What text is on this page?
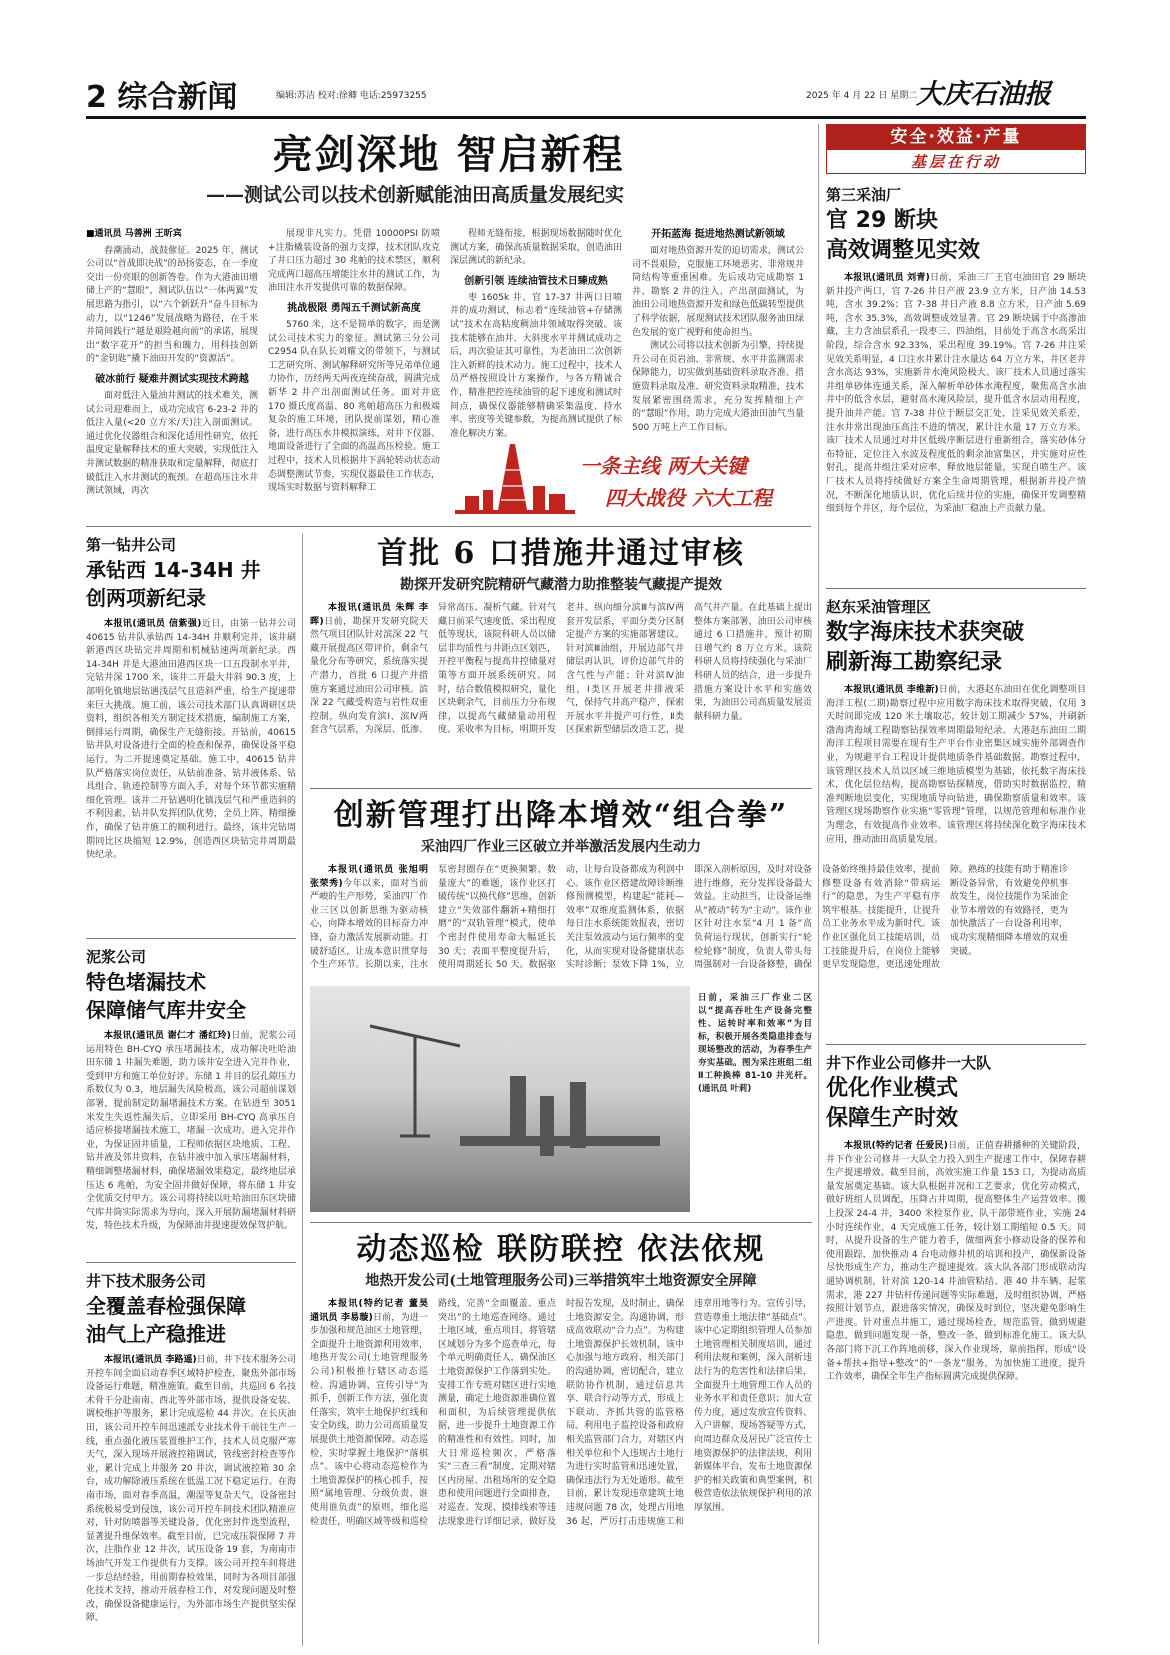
2 综合新闻	编辑:苏洁 校对:徐卿 电话:25973255	2025 年 4 月 22 日 星期二
大庆石油报
安全·效益·产量
基层在行动
亮剑深地 智启新程
——测试公司以技术创新赋能油田高质量发展纪实
■通讯员 马善洲 王昕宾

春潮涌动，战鼓催征。2025 年，测试公司以“首战即决战”的昂扬姿态，在一季度交出一份亮眼的创新答卷。作为大港油田增储上产的“慧眼”，测试队伍以“一体两翼”发展思路为指引，以“六个新跃升”奋斗目标为动力，以“1246”发展战略为路径，在千米井筒间践行“越是艰险越向前”的承诺，展现出“数字花开”的担当和魄力，用科技创新的“金钥匙”撬下油田开发的“资源活”。

破冰前行 疑难井测试实现技术跨越

面对低注入量油井测试的技术难关，测试公司迎难而上，成功完成官 6-23-2 井的低注入量(<20 立方米/天)注入剖面测试。通过优化仪器组合和深化适用性研究，依托温度定量解释技术的重大突破，实现低注入井测试数据的精准获取和定量解释，彻底打破低注入水井测试的瓶颈。在超高压注水井测试领域，再次

展现非凡实力。凭借 10000PSI 防喷+注脂橇装设备的强力支撑，技术团队攻克了井口压力超过 30 兆帕的技术禁区，顺利完成两口超高压增能注水井的测试工作，为油田注水开发提供可靠的数据保障。

挑战极限 勇闯五千测试新高度

5760 米，这不是简单的数字，而是测试公司技术实力的象征。测试第三分公司 C2954 队在队长刘耀文的带领下，与测试工艺研究所、测试解释研究所等兄弟单位通力协作，历经两天两夜连续奋战，圆满完成新华 2 井产出剖面测试任务。面对井底 170 摄氏度高温、80 兆帕超高压力和极端复杂的施工环境，团队提前谋划，精心准备，进行高压水井模拟演练，对井下仪器、地面设备进行了全面的高温高压检验。施工过程中，技术人员根据井下涡轮转动状态动态调整测试节奏，实现仪器最佳工作状态，现场实时数据与资料解释工

程师无缝衔接，根据现场数据随时优化测试方案，确保高质量数据采取，创造油田深层测试的新纪录。

创新引领 连续油管技术日臻成熟

枣 1605k 井、官 17-37 井两口日喷井的成功测试，标志着“连续油管+存储测试”技术在高粘度稠油井领域取得突破。该技术能够在油井、大斜度水平井测试成功之后，再次验证其可靠性，为老油田二次创新注入新鲜的技术动力。施工过程中，技术人员严格按照设计方案操作，与各方精诚合作，精准把控连续油管的起下速度和测试时间点，确保仪器能够精确采集温度、持水率、密度等关键参数，为提高测试提供了标准化解决方案。

开拓蓝海 挺进地热测试新领域

面对地热资源开发的迫切需求，测试公司不畏艰险，克服施工环境恶劣、非常规井筒结构等重重困难。先后成功完成勘察 1 井、勘察 2 井的注入、产出剖面测试，为油田公司地热资源开发和绿色低碳转型提供了科学依据，展现测试技术团队服务油田绿色发展的宽广视野和使命担当。

测试公司将以技术创新为引擎，持续提升公司在页岩油、非常规、水平井监测需求保障能力，切实做到基础资料录取齐准、措施资料录取及准、研究资料录取精准，技术发展紧密围绕需求，充分发挥精细上产的“慧眼”作用，助力完成大港油田油气当量 500 万吨上产工作目标。

一条主线 两大关键
四大战役 六大工程
第三采油厂
官 29 断块
高效调整见实效

本报讯(通讯员 刘青)日前，采油三厂王官屯油田官 29 断块新井投产两口，官 7-26 井日产液 23.9 立方米，日产油 14.53 吨，含水 39.2%；官 7-38 井日产液 8.8 立方米，日产油 5.69 吨，含水 35.3%，高效调整成效显著。官 29 断块属于中高渗油藏，主力含油层系孔一段枣三、四油组，目前处于高含水高采出阶段，综合含水 92.33%，采出程度 39.19%。官 7-26 井注采见效关系明显，4 口注水井累计注水量达 64 万立方米，井区老井含水高达 93%，实施新井水淹风险极大。该厂技术人员通过落实井组单砂体连通关系，深入解析单砂体水淹程度，聚焦高含水油井中的低含水层，避射高水淹风险层，提升低含水层动用程度，提升油井产能。官 7-38 井位于断层交汇处，注采见效关系差，注水井常出现油压高注不进的情况，累计注水量 17 万立方米。该厂技术人员通过对井区低级序断层进行重新组合，落实砂体分布特征，定位注入水波及程度低的剩余油富集区，并实施对应性射孔，提高井组注采对应率，释放地层能量，实现自喷生产。该厂技术人员将持续做好方案全生命周期管理，根据新井投产情况，不断深化地质认识，优化后续井位的实施，确保开发调整精细到每个井区，每个层位，为采油厂稳油上产贡献力量。

赵东采油管理区
数字海床技术获突破
刷新海工勘察纪录

本报讯(通讯员 李维新)日前，大港赵东油田在优化调整项目海洋工程(二期)勘察过程中应用数字海床技术取得突破，仅用 3 天时间即完成 120 米土壤取芯，较计划工期减少 57%，并刷新渤海湾海域工程勘察钻探效率周期最短纪录。大港赵东油田二期海洋工程项目需要在现有生产平台作业密集区域实施外部调查作业，为规避平台工程设计提供地质条件基础数据。勘察过程中，该管理区技术人员以区域三维地质模型为基础，依托数字海床技术，优化层位结构，提高勘察钻探精度，借助实时数据监控，精准判断地层变化，实现地质导向钻进，确保勘察质量和效率。该管理区现场勘察作业实施“零管理”管理，以规范管理和标准作业为理念，有效提高作业效率。该管理区将持续深化数字海床技术应用，推动油田高质量发展。

井下作业公司修井一大队
优化作业模式
保障生产时效

本报讯(特约记者 任爱民)日前，正值春耕播种的关键阶段，井下作业公司修井一大队全力投入到生产提速工作中，保障春耕生产提速增效。截至目前，高效实施工作量 153 口，为提动高质量发展奠定基础。该大队根据井况和工艺要求，优化劳动模式，做好班组人员调配，压降占井周期，提高整体生产运营效率。搬上投深 24-4 井，3400 米检泵作业，队干部带班作业，实施 24 小时连续作业，4 天完成施工任务，较计划工期缩短 0.5 天。同时，从提升设备的生产能力着手，做细两套小修动设备的保养和使用跟踪，加快推动 4 台电动修井机的培训和投产，确保新设备尽快形成生产力，推动生产提速提效。该大队各部门形成联动沟通协调机制，针对滨 120-14 井油管粘结、港 40 井车辆、起浆需求，港 227 井钻杆传递问题等实际难题，及时组织协调，严格按照计划节点，跟进落实情况，确保及时到位，坚决避免影响生产进度。针对重点井施工，通过现场检查，规范监管，做到规避隐患，做到问题发现一条，整改一条，做到标准化施工。该大队各部门将下沉工作阵地前移，深入作业现场，靠前指挥，形成“设备+帮扶+指导+整改”的“一条龙”服务，为加快施工进度，提升工作效率，确保全年生产指标圆满完成提供保障。

第一钻井公司
承钻西 14-34H 井
创两项新纪录

本报讯(通讯员 信紫强)近日，由第一钻井公司 40615 钻井队承钻西 14-34H 井顺利完井，该井刷新港西区块钻完井周期和机械钻速两项新纪录。西 14-34H 井是大港油田港西区块一口五段制水平井，完钻井深 1700 米，该井二开最大井斜 90.3 度，上部明化镇地层钻遇浅层气且造斜严重，给生产提速带来巨大挑战。施工前，该公司技术部门认真调研区块资料，组织各相关方制定技术措施，编制施工方案，倒排运行周期，确保生产无缝衔接。开钻前，40615 钻井队对设备进行全面的检查和保养，确保设备平稳运行，为二开提速奠定基础。施工中，40615 钻井队严格落实岗位责任，从钻前准备、钻井液体系、钻具组合、轨迹控制等方面入手，对每个环节都实施精细化管理。该井二开钻遇明化镇浅层气和严重造斜的不利因素，钻井队发挥团队优势，全员上阵，精细操作，确保了钻井施工的顺利进行。最终，该井完钻周期同比区块缩短 12.9%，创造西区块钻完井周期最快纪录。

泥浆公司
特色堵漏技术
保障储气库井安全

本报讯(通讯员 谢仁才 潘红玲)日前，泥浆公司运用特色 BH-CYQ 承压堵漏技术，成功解决吐哈油田东储 1 井漏失难题，助力该井安全进入完井作业，受到甲方和施工单位好评。东储 1 井目的层孔隙压力系数仅为 0.3，地层漏失风险极高，该公司超前谋划部署，提前制定防漏堵漏技术方案。在钻进至 3051 米发生失返性漏失后，立即采用 BH-CYQ 高承压自适应桥接堵漏技术施工，堵漏一次成功。进入完井作业，为保证固井质量，工程师依据区块地质、工程、钻井液及邻井资料，在钻井液中加入承压堵漏材料，精细调整堵漏材料，确保堵漏效果稳定，最终地层承压达 6 兆帕，为安全固井做好保障，将东储 1 井安全优质交付甲方。该公司将持续以吐哈油田东区块储气库井筒实际需求为导向，深入开展防漏堵漏材料研发，特色技术升级，为保障油井提速提效保驾护航。

井下技术服务公司
全覆盖春检强保障
油气上产稳推进

本报讯(通讯员 李路遥)日前，井下技术服务公司开控车间全面启动春季区域特护检查，聚焦外部市场设备运行难题，精准施策。截至目前，共巡回 6 名技术骨干分赴南南、西北等外部市场，提供设备安装、调校维护等服务，累计完成巡检 44 井次。在长庆油田，该公司开控车间迅速派专业技术骨干前往生产一线，重点强化液压装置维护工作，技术人员克服严寒天气，深入现场开展液控箱调试，管线密封检查等作业，累计完成上井服务 20 井次，调试液控箱 30 余台，成功解除液压系统在低温工况下稳定运行。在海南市场，面对春季高温，潮湿等复杂天气，设备密封系统极易受到侵蚀，该公司开控车间技术团队精准应对，针对防喷器等关键设备，优化密封件选型流程，显著提升维保效率。截至目前，已完成压裂保障 7 井次，注脂作业 12 井次，试压设备 19 套，为南南市场油气开发工作提供有力支撑。该公司开控车间将进一步总结经验，用前期春检效果，同时为各项目部强化技术支持，推动开展春检工作，对发现问题及时整改，确保设备健康运行，为外部市场生产提供坚实保障。

首批 6 口措施井通过审核
勘探开发研究院精研气藏潜力助推整装气藏提产提效

本报讯(通讯员 朱辉 李晖)日前，勘探开发研究院天然气项目团队针对滨深 22 气藏开展提高区带评价，剩余气量化分布等研究，系统落实提产潜力，首批 6 口提产并措施方案通过油田公司审核。滨深 22 气藏受构造与岩性双重控制，纵向发育滨Ⅰ、滨Ⅳ两套含气层系，为深层、低渗、异常高压、凝析气藏。针对气藏日前采气速度低、采出程度低等现状，该院科研人员以储层非均质性与井距点区划匹，开控平衡程与提高井控储量对策等方面开展系统研究。同时，结合数值模拟研究，量化区块剩余气，目前压力分布规律，以提高气藏储量动用程度、采收率为目标，明期开发老井、纵向细分滨Ⅲ与滨Ⅳ两套开发层系，平面分类分区制定提产方案的实施部署建议。针对滨Ⅲ油组，开展边部气井储层再认识，评价边部气井的含气性与产能；针对滨Ⅳ油组，Ⅰ类区开展老井排液采气，保持气井高产稳产，探索开展水平井提产可行性，Ⅱ类区探索新型储层改造工艺，提高气井产量。在此基础上提出整体方案部署，油田公司审核通过 6 口措施井，预计初期日增气约 8 万立方米。该院科研人员将持续强化与采油厂科研人员的结合，进一步提升措施方案设计水平和实施效果，为油田公司高质量发展贡献科研力量。

创新管理打出降本增效“组合拳”
采油四厂作业三区破立并举激活发展内生动力

本报讯(通讯员 张旭明 张荣秀)今年以来，面对当前严峻的生产形势，采油四厂作业三区以创新思维为驱动核心，向降本增效的目标奋力冲锋，奋力激活发展新动能。打破舒适区，让成本意识贯穿每个生产环节。长期以来，注水泵密封圈存在“更换频繁、数量庞大”的难题，该作业区打破传统“以换代修”思维，创新建立“失效部件翻新+精细打磨”的“双轨管理”模式，使单个密封件使用寿命大幅延长 30 天；表面平整度提升后，使用周期延长 50 天。数据驱动，让每台设备都成为利润中心。该作业区搭建故障诊断维修预测模型，构建起“能耗—效率”双维度监测体系，依据每日注水系统能效报表，密切关注泵效波动与运行频率的变化，从而实现对设备健康状态实时诊断；泵效下降 1%，立即深入剖析原因，及时对设备进行维修，充分发挥设备最大效益。主动担当，让设备运维从“被动”转为“主动”。该作业区针对注水泵“4 月 1 备”高负荷运行现状，创新实行“轮检轮修”制度，负责人带头每周强制对一台设备修整，确保设备始终维持最佳效率，提前修整设备有效消除“带病运行”的隐患，为生产平稳有序筑牢根基。技能提升，让提升员工业务水平成为新时代。该作业区强化员工技能培训，员工技能提升后，在岗位上能够更早发现隐患，更迅速处理故障。熟练的技能有助于精准诊断设备异常，有效避免停机事故发生，岗位技能作为采油企业节本增效的有效路径，更为加快激活了一台设备利用率，成功实现精细降本增效的双重突破。

日前，采油三厂作业二区以“提高吞吐生产设备完整性、运转时率和效率”为目标，积极开展各类隐患排查与现场整改的活动，为春季生产夯实基础。图为采注班组二组Ⅱ工种换棒 81-10 井光杆。(通讯员 叶莉)
动态巡检 联防联控 依法依规
地热开发公司(土地管理服务公司)三举措筑牢土地资源安全屏障

本报讯(特约记者 董昊 通讯员 李易璇)日前，为进一步加强和规范油区土地管理，全面提升土地资源利用效率，地热开发公司(土地管理服务公司)积极推行辖区动态巡检、沟通协调、宣传引导“为抓手，创新工作方法，强化责任落实，筑牢土地保护红线和安全防线，助力公司高质量发展提供土地资源保障。动态巡检，实时掌握土地保护“落棋点”。该中心将动态巡检作为土地资源保护的核心抓手，按照“属地管理、分级负责、谁使用谁负责”的原则，细化巡检责任，明确区域等级和巡检路线，完善“全面覆盖、重点突出”的土地巡查网络。通过土地区域，重点项目，将管辖区域划分为多个巡查单元，每个单元明确责任人，确保油区土地资源保护工作落到实处。安排工作专班对辖区进行实地测量，确定土地资源准确位置和面积，为后续管理提供依据，进一步提升土地资源工作的精准性和有效性。同时，加大日常巡检频次，严格落实“三查三看”制度，定期对辖区内房屋、出租场所的安全隐患和使用问题进行全面排查，对巡查、发现、摸排线索等违法现象进行详细记录，做好及时报告发现，及时制止，确保土地资源安全。沟通协调，形成高效联动“合力点”。为构建土地资源保护长效机制，该中心加强与地方政府、相关部门的沟通协调，密切配合，建立联防协作机制，通过信息共享、联合行动等方式，形成上下联动、齐抓共管的监管格局。利用电子监控设备和政府相关监管部门合力，对辖区内相关单位和个人违规占土地行为进行实时监管和迅速处置，确保违法行为无处遁形。截至目前，累计发现违章建筑土地违规问题 78 次，处理占用地 36 起，严厉打击违规施工和违章用地等行为。宣传引导，营造尊重土地法律“基础点”。该中心定期组织管理人员参加土地管理相关制度培训，通过利用法规和案例，深入剖析违法行为的危害性和法律后果，全面提升土地管理工作人员的业务水平和责任意识；加大宣传力度，通过发放宣传资料、入户讲解、现场答疑等方式，向周边群众及居民广泛宣传土地资源保护的法律法规，利用新媒体平台，发布土地资源保护的相关政策和典型案例，积极营造依法依规保护利用的浓厚氛围。
